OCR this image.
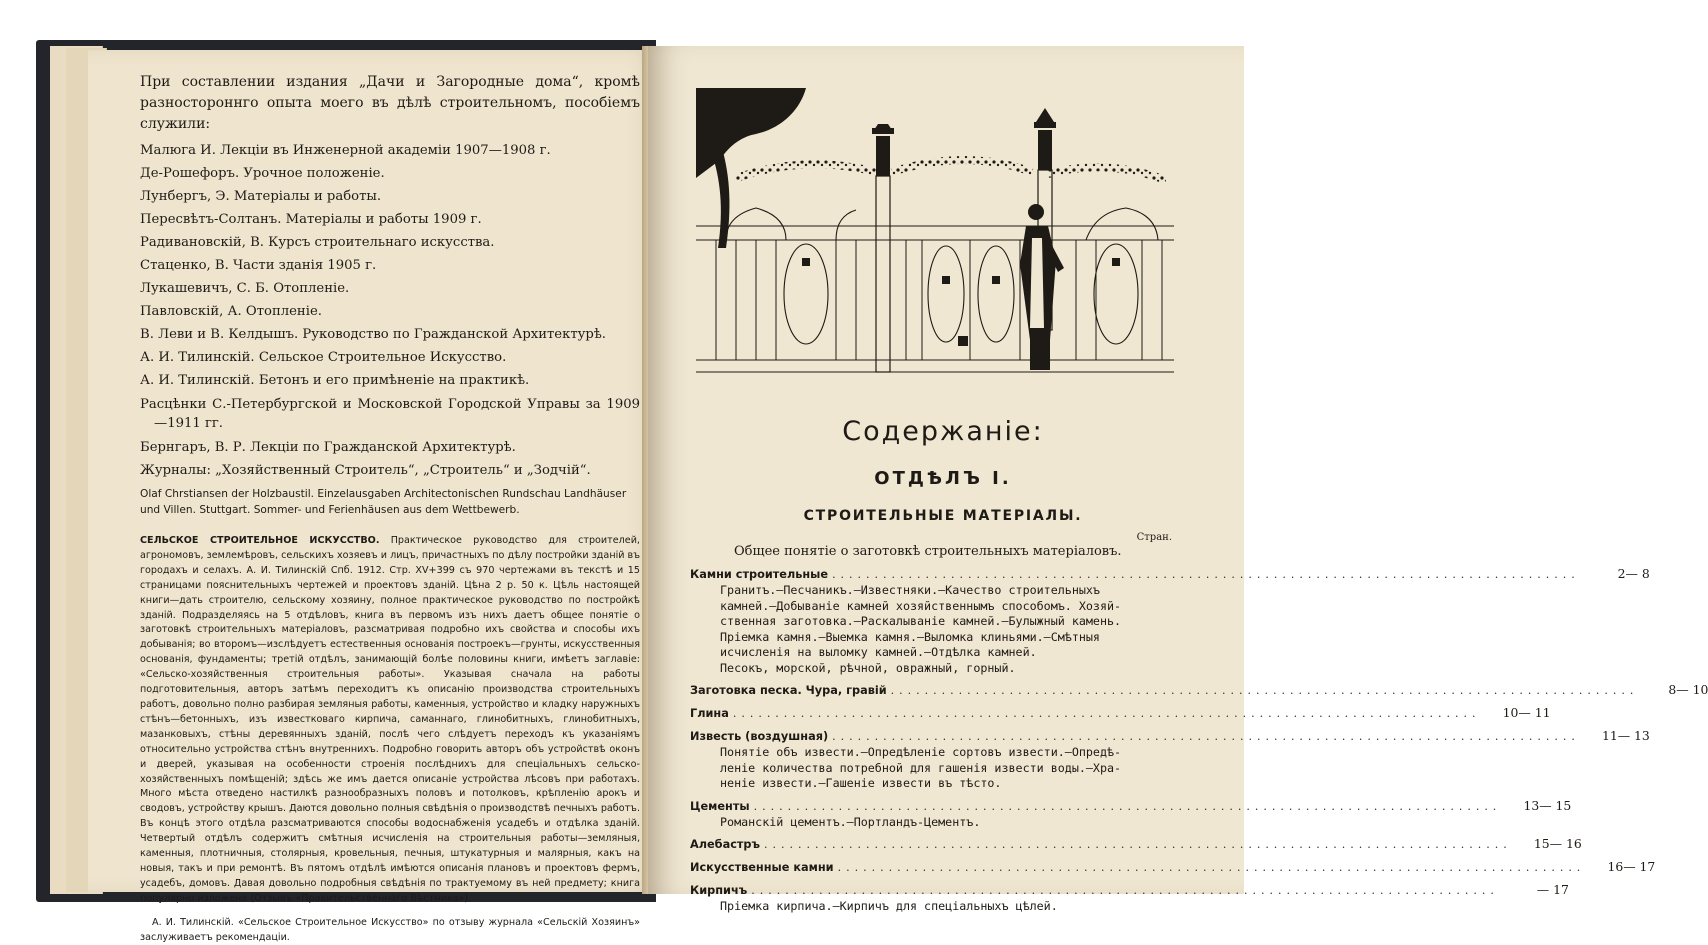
При составлении издания „Дачи и Загородные дома“, кромѣ разностороннго опыта моего въ дѣлѣ строительномъ, пособіемъ служили:

Малюга И. Лекціи въ Инженерной академіи 1907—1908 г.
Де-Рошефоръ. Урочное положеніе.
Лунбергъ, Э. Матеріалы и работы.
Пересвѣтъ-Солтанъ. Матеріалы и работы 1909 г.
Радивановскій, В. Курсъ строительнаго искусства.
Стаценко, В. Части зданія 1905 г.
Лукашевичъ, С. Б. Отопленіе.
Павловскій, А. Отопленіе.
В. Леви и В. Келдышъ. Руководство по Гражданской Архитектурѣ.
А. И. Тилинскій. Сельское Строительное Искусство.
А. И. Тилинскій. Бетонъ и его примѣненіе на практикѣ.
Расцѣнки С.-Петербургской и Московской Городской Управы за 1909—1911 гг.
Бернгаръ, В. Р. Лекціи по Гражданской Архитектурѣ.
Журналы: „Хозяйственный Строитель“, „Строитель“ и „Зодчій“.
Olaf Chrstiansen der Holzbaustil. Einzelausgaben Architectonischen Rundschau Landhäuser und Villen. Stuttgart. Sommer- und Ferienhäusen aus dem Wettbewerb.

СЕЛЬСКОЕ СТРОИТЕЛЬНОЕ ИСКУССТВО. Практическое руководство для строителей, агрономовъ, землемѣровъ, сельскихъ хозяевъ и лицъ, причастныхъ по дѣлу постройки зданій въ городахъ и селахъ. А. И. Тилинскій Спб. 1912. Стр. XV+399 съ 970 чертежами въ текстѣ и 15 страницами пояснительныхъ чертежей и проектовъ зданій. Цѣна 2 р. 50 к. Цѣль настоящей книги—дать строителю, сельскому хозяину, полное практическое руководство по постройкѣ зданій. Подразделяясь на 5 отдѣловъ, книга въ первомъ изъ нихъ даетъ общее понятіе о заготовкѣ строительныхъ матеріаловъ, разсматривая подробно ихъ свойства и способы ихъ добыванія; во второмъ—изслѣдуетъ естественныя основанія построекъ—грунты, искусственныя основанія, фундаменты; третій отдѣлъ, занимающій болѣе половины книги, имѣетъ заглавіе: «Сельско-хозяйственныя строительныя работы». Указывая сначала на работы подготовительныя, авторъ затѣмъ переходитъ къ описанію производства строительныхъ работъ, довольно полно разбирая земляныя работы, каменныя, устройство и кладку наружныхъ стѣнъ—бетонныхъ, изъ известковаго кирпича, саманнаго, глинобитныхъ, глинобитныхъ, мазанковыхъ, стѣны деревянныхъ зданій, послѣ чего слѣдуетъ переходъ къ указаніямъ относительно устройства стѣнъ внутреннихъ. Подробно говорить авторъ объ устройствѣ оконъ и дверей, указывая на особенности строенія послѣднихъ для спеціальныхъ сельско-хозяйственныхъ помѣщеній; здѣсь же имъ дается описаніе устройства лѣсовъ при работахъ. Много мѣста отведено настилкѣ разнообразныхъ половъ и потолковъ, крѣпленію арокъ и сводовъ, устройству крышъ. Даются довольно полныя свѣдѣнія о производствѣ печныхъ работъ. Въ концѣ этого отдѣла разсматриваются способы водоснабженія усадебъ и отдѣлка зданій. Четвертый отдѣлъ содержитъ смѣтныя исчисленія на строительныя работы—земляныя, каменныя, плотничныя, столярныя, кровельныя, печныя, штукатурныя и малярныя, какъ на новыя, такъ и при ремонтѣ. Въ пятомъ отдѣлѣ имѣются описанія плановъ и проектовъ фермъ, усадебъ, домовъ. Давая довольно подробныя свѣдѣнія по трактуемому въ ней предмету; книга популярно изложена (Отзывъ «Правительственнаго Вѣстника»).

А. И. Тилинскій. «Сельское Строительное Искусство» по отзыву журнала «Сельскій Хозяинъ» заслуживаетъ рекомендаціи.

Содержаніе:
ОТДѢЛЪ I.
СТРОИТЕЛЬНЫЕ МАТЕРІАЛЫ.
Стран.
Общее понятіе о заготовкѣ строительныхъ матеріаловъ.
Камни строительные ........................................................................................	2— 8

Гранитъ.—Песчаникъ.—Известняки.—Качество строительныхъ

камней.—Добываніе камней хозяйственнымъ способомъ. Хозяй-

ственная заготовка.—Раскалываніе камней.—Булыжный камень.

Пріемка камня.—Выемка камня.—Выломка клиньями.—Смѣтныя

исчисленія на выломку камней.—Отдѣлка камней.

Песокъ, морской, рѣчной, овражный, горный.

Заготовка песка. Чура, гравій ........................................................................................	8— 10
Глина ........................................................................................	10— 11
Известь (воздушная) ........................................................................................	11— 13

Понятіе объ извести.—Опредѣленіе сортовъ извести.—Опредѣ-

леніе количества потребной для гашенія извести воды.—Хра-

неніе извести.—Гашеніе извести въ тѣсто.

Цементы ........................................................................................	13— 15

Романскій цементъ.—Портландъ-Цементъ.

Алебастръ ........................................................................................	15— 16
Искусственные камни ........................................................................................	16— 17
Кирпичъ ........................................................................................	— 17

Пріемка кирпича.—Кирпичъ для спеціальныхъ цѣлей.
